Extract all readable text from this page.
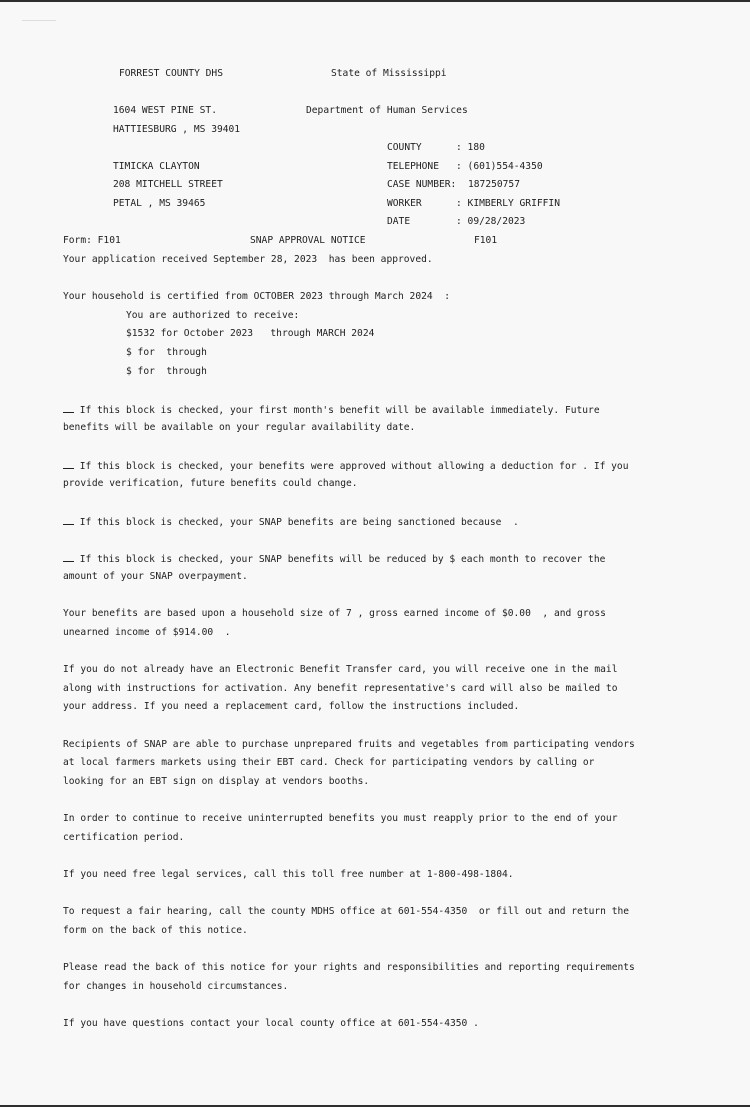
FORREST COUNTY DHS	State of Mississippi
1604 WEST PINE ST.	Department of Human Services
HATTIESBURG , MS 39401
COUNTY	: 180
TELEPHONE : (601)554-4350
CASE NUMBER: 187250757
WORKER	: KIMBERLY GRIFFIN
DATE	: 09/28/2023
TIMICKA CLAYTON
208 MITCHELL STREET
PETAL , MS 39465
Form: F101	SNAP APPROVAL NOTICE	F101
Your application received September 28, 2023  has been approved.
Your household is certified from OCTOBER 2023 through March 2024  :
You are authorized to receive:
$1532 for October 2023   through MARCH 2024
$ for  through
$ for  through
If this block is checked, your first month's benefit will be available immediately. Future
benefits will be available on your regular availability date.
If this block is checked, your benefits were approved without allowing a deduction for . If you
provide verification, future benefits could change.
If this block is checked, your SNAP benefits are being sanctioned because  .
If this block is checked, your SNAP benefits will be reduced by $ each month to recover the
amount of your SNAP overpayment.
Your benefits are based upon a household size of 7 , gross earned income of $0.00  , and gross
unearned income of $914.00  .
If you do not already have an Electronic Benefit Transfer card, you will receive one in the mail
along with instructions for activation. Any benefit representative's card will also be mailed to
your address. If you need a replacement card, follow the instructions included.
Recipients of SNAP are able to purchase unprepared fruits and vegetables from participating vendors
at local farmers markets using their EBT card. Check for participating vendors by calling or
looking for an EBT sign on display at vendors booths.
In order to continue to receive uninterrupted benefits you must reapply prior to the end of your
certification period.
If you need free legal services, call this toll free number at 1-800-498-1804.
To request a fair hearing, call the county MDHS office at 601-554-4350  or fill out and return the
form on the back of this notice.
Please read the back of this notice for your rights and responsibilities and reporting requirements
for changes in household circumstances.
If you have questions contact your local county office at 601-554-4350 .
